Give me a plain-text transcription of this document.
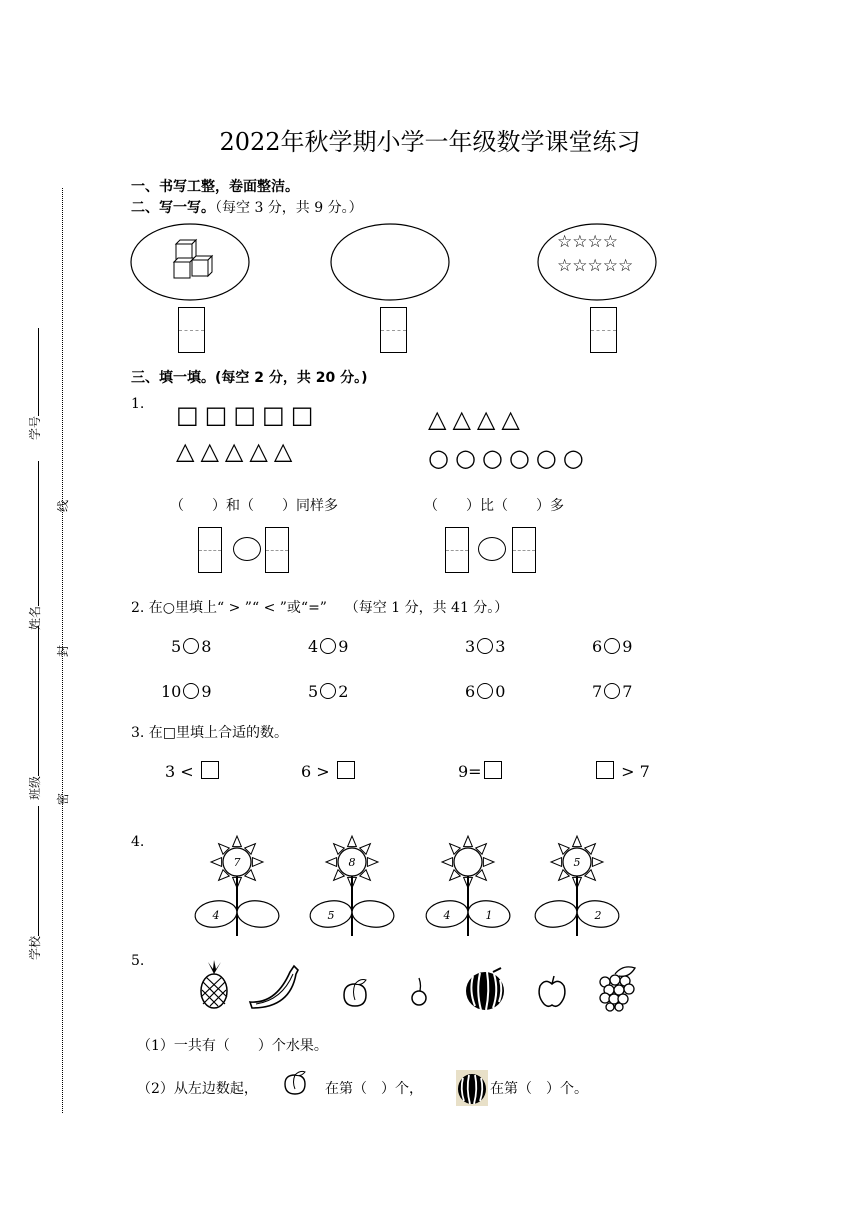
学号
姓名
班级
学校
线
封
密
2022年秋学期小学一年级数学课堂练习
一、书写工整，卷面整洁。
二、写一写。（每空 3 分，共 9 分。）
☆☆☆☆
☆☆☆☆☆
三、填一填。(每空 2 分，共 20 分。)
1. □□□□□
△△△△△
△△△△
○○○○○○
（　　）和（　　）同样多	（　　）比（　　）多
2. 在○里填上“ > ”“ < ”或“=” （每空 1 分，共 41 分。）
5 8	4 9	3 3	6 9
10 9	5 2	6 0	7 7
3. 在□里填上合适的数。
3 <	6 >	9=	> 7
4.
7
4
8
5	4	1
5
2
5.
（1）一共有（　　）个水果。
（2）从左边数起，	在第（　）个，	在第（　）个。
